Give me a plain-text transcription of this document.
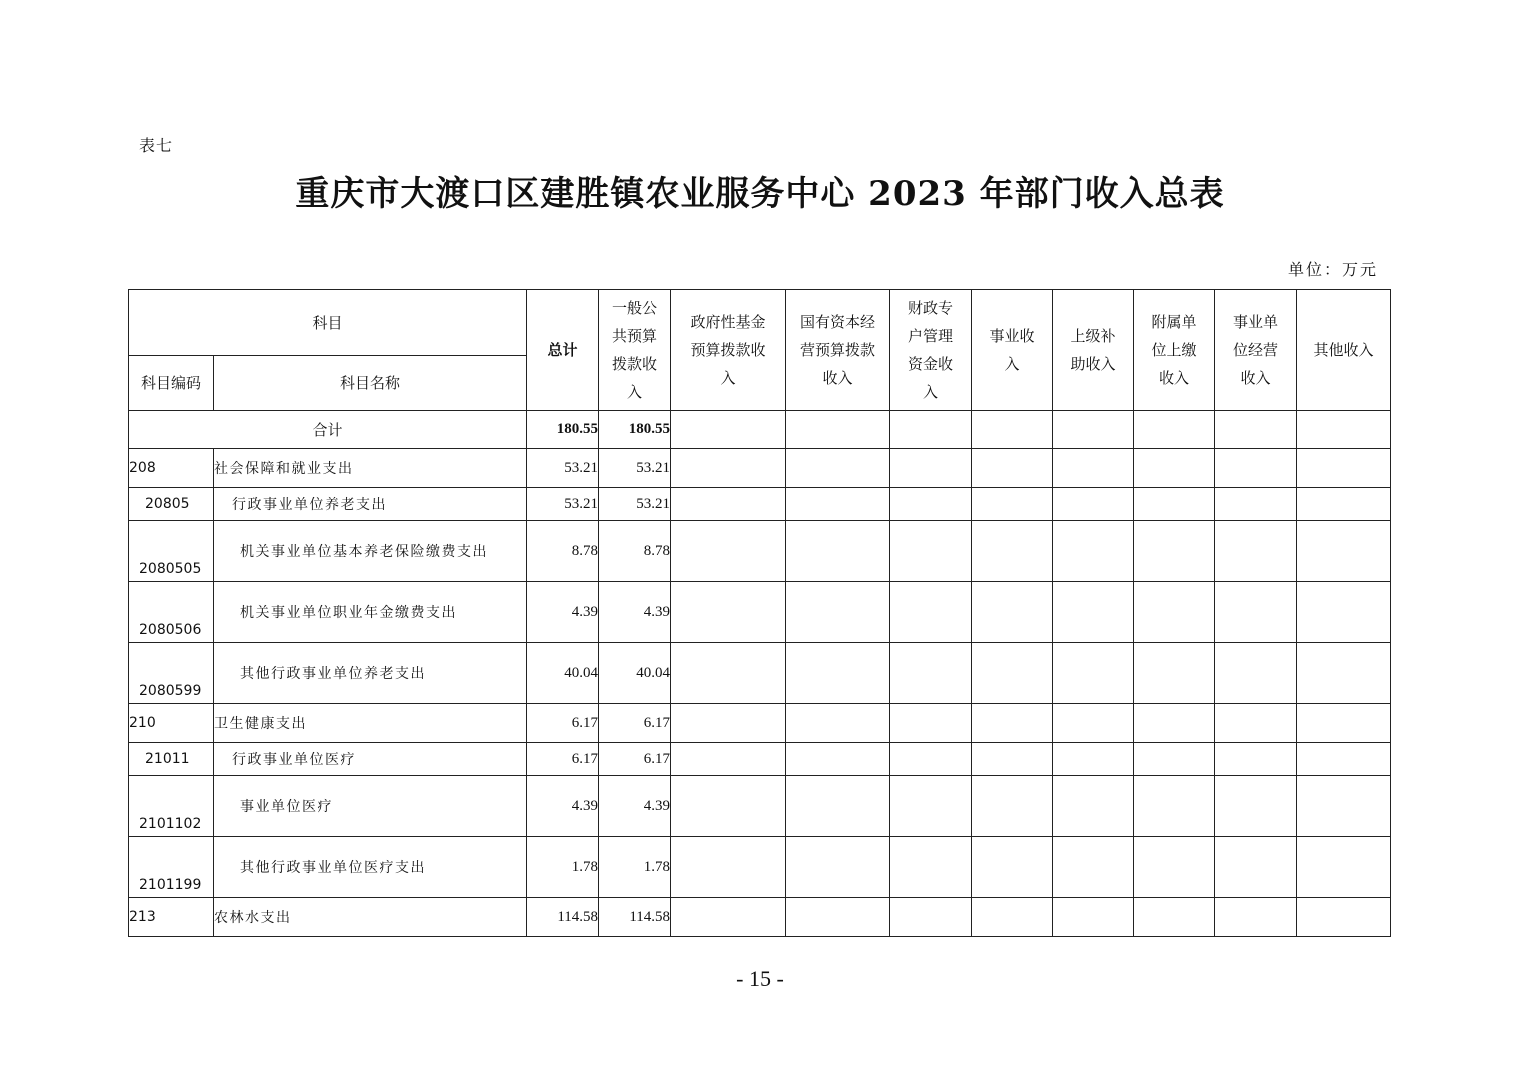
表七
重庆市大渡口区建胜镇农业服务中心 2023 年部门收入总表
单位：万元
科目		总计	一般公共预算拨款收入	政府性基金预算拨款收入	国有资本经营预算拨款收入	财政专户管理资金收入	事业收入	上级补助收入	附属单位上缴收入	事业单位经营收入	其他收入
科目编码	科目名称										
合计		180.55	180.55								
208	社会保障和就业支出	53.21	53.21								
20805	行政事业单位养老支出	53.21	53.21								
2080505	机关事业单位基本养老保险缴费支出	8.78	8.78								
2080506	机关事业单位职业年金缴费支出	4.39	4.39								
2080599	其他行政事业单位养老支出	40.04	40.04								
210	卫生健康支出	6.17	6.17								
21011	行政事业单位医疗	6.17	6.17								
2101102	事业单位医疗	4.39	4.39								
2101199	其他行政事业单位医疗支出	1.78	1.78								
213	农林水支出	114.58	114.58								
- 15 -
